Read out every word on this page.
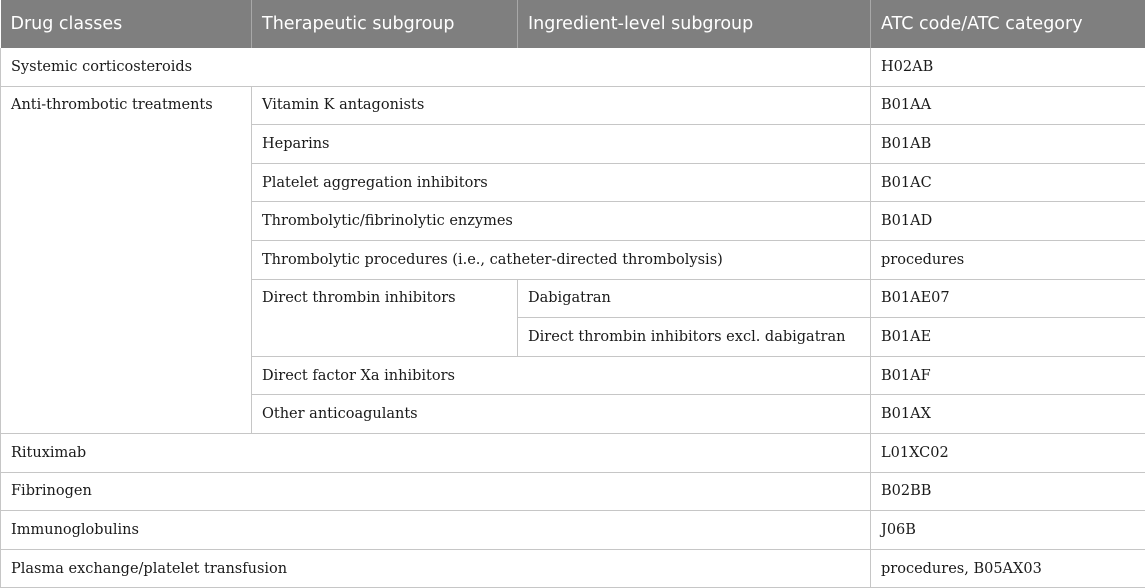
Drug classes	Therapeutic subgroup	Ingredient-level subgroup	ATC code/ATC category
Systemic corticosteroids			H02AB
Anti-thrombotic treatments	Vitamin K antagonists		B01AA
	Heparins		B01AB
	Platelet aggregation inhibitors		B01AC
	Thrombolytic/fibrinolytic enzymes		B01AD
	Thrombolytic procedures (i.e., catheter-directed thrombolysis)		procedures
	Direct thrombin inhibitors	Dabigatran	B01AE07
		Direct thrombin inhibitors excl. dabigatran	B01AE
	Direct factor Xa inhibitors		B01AF
	Other anticoagulants		B01AX
Rituximab			L01XC02
Fibrinogen			B02BB
Immunoglobulins			J06B
Plasma exchange/platelet transfusion			procedures, B05AX03
